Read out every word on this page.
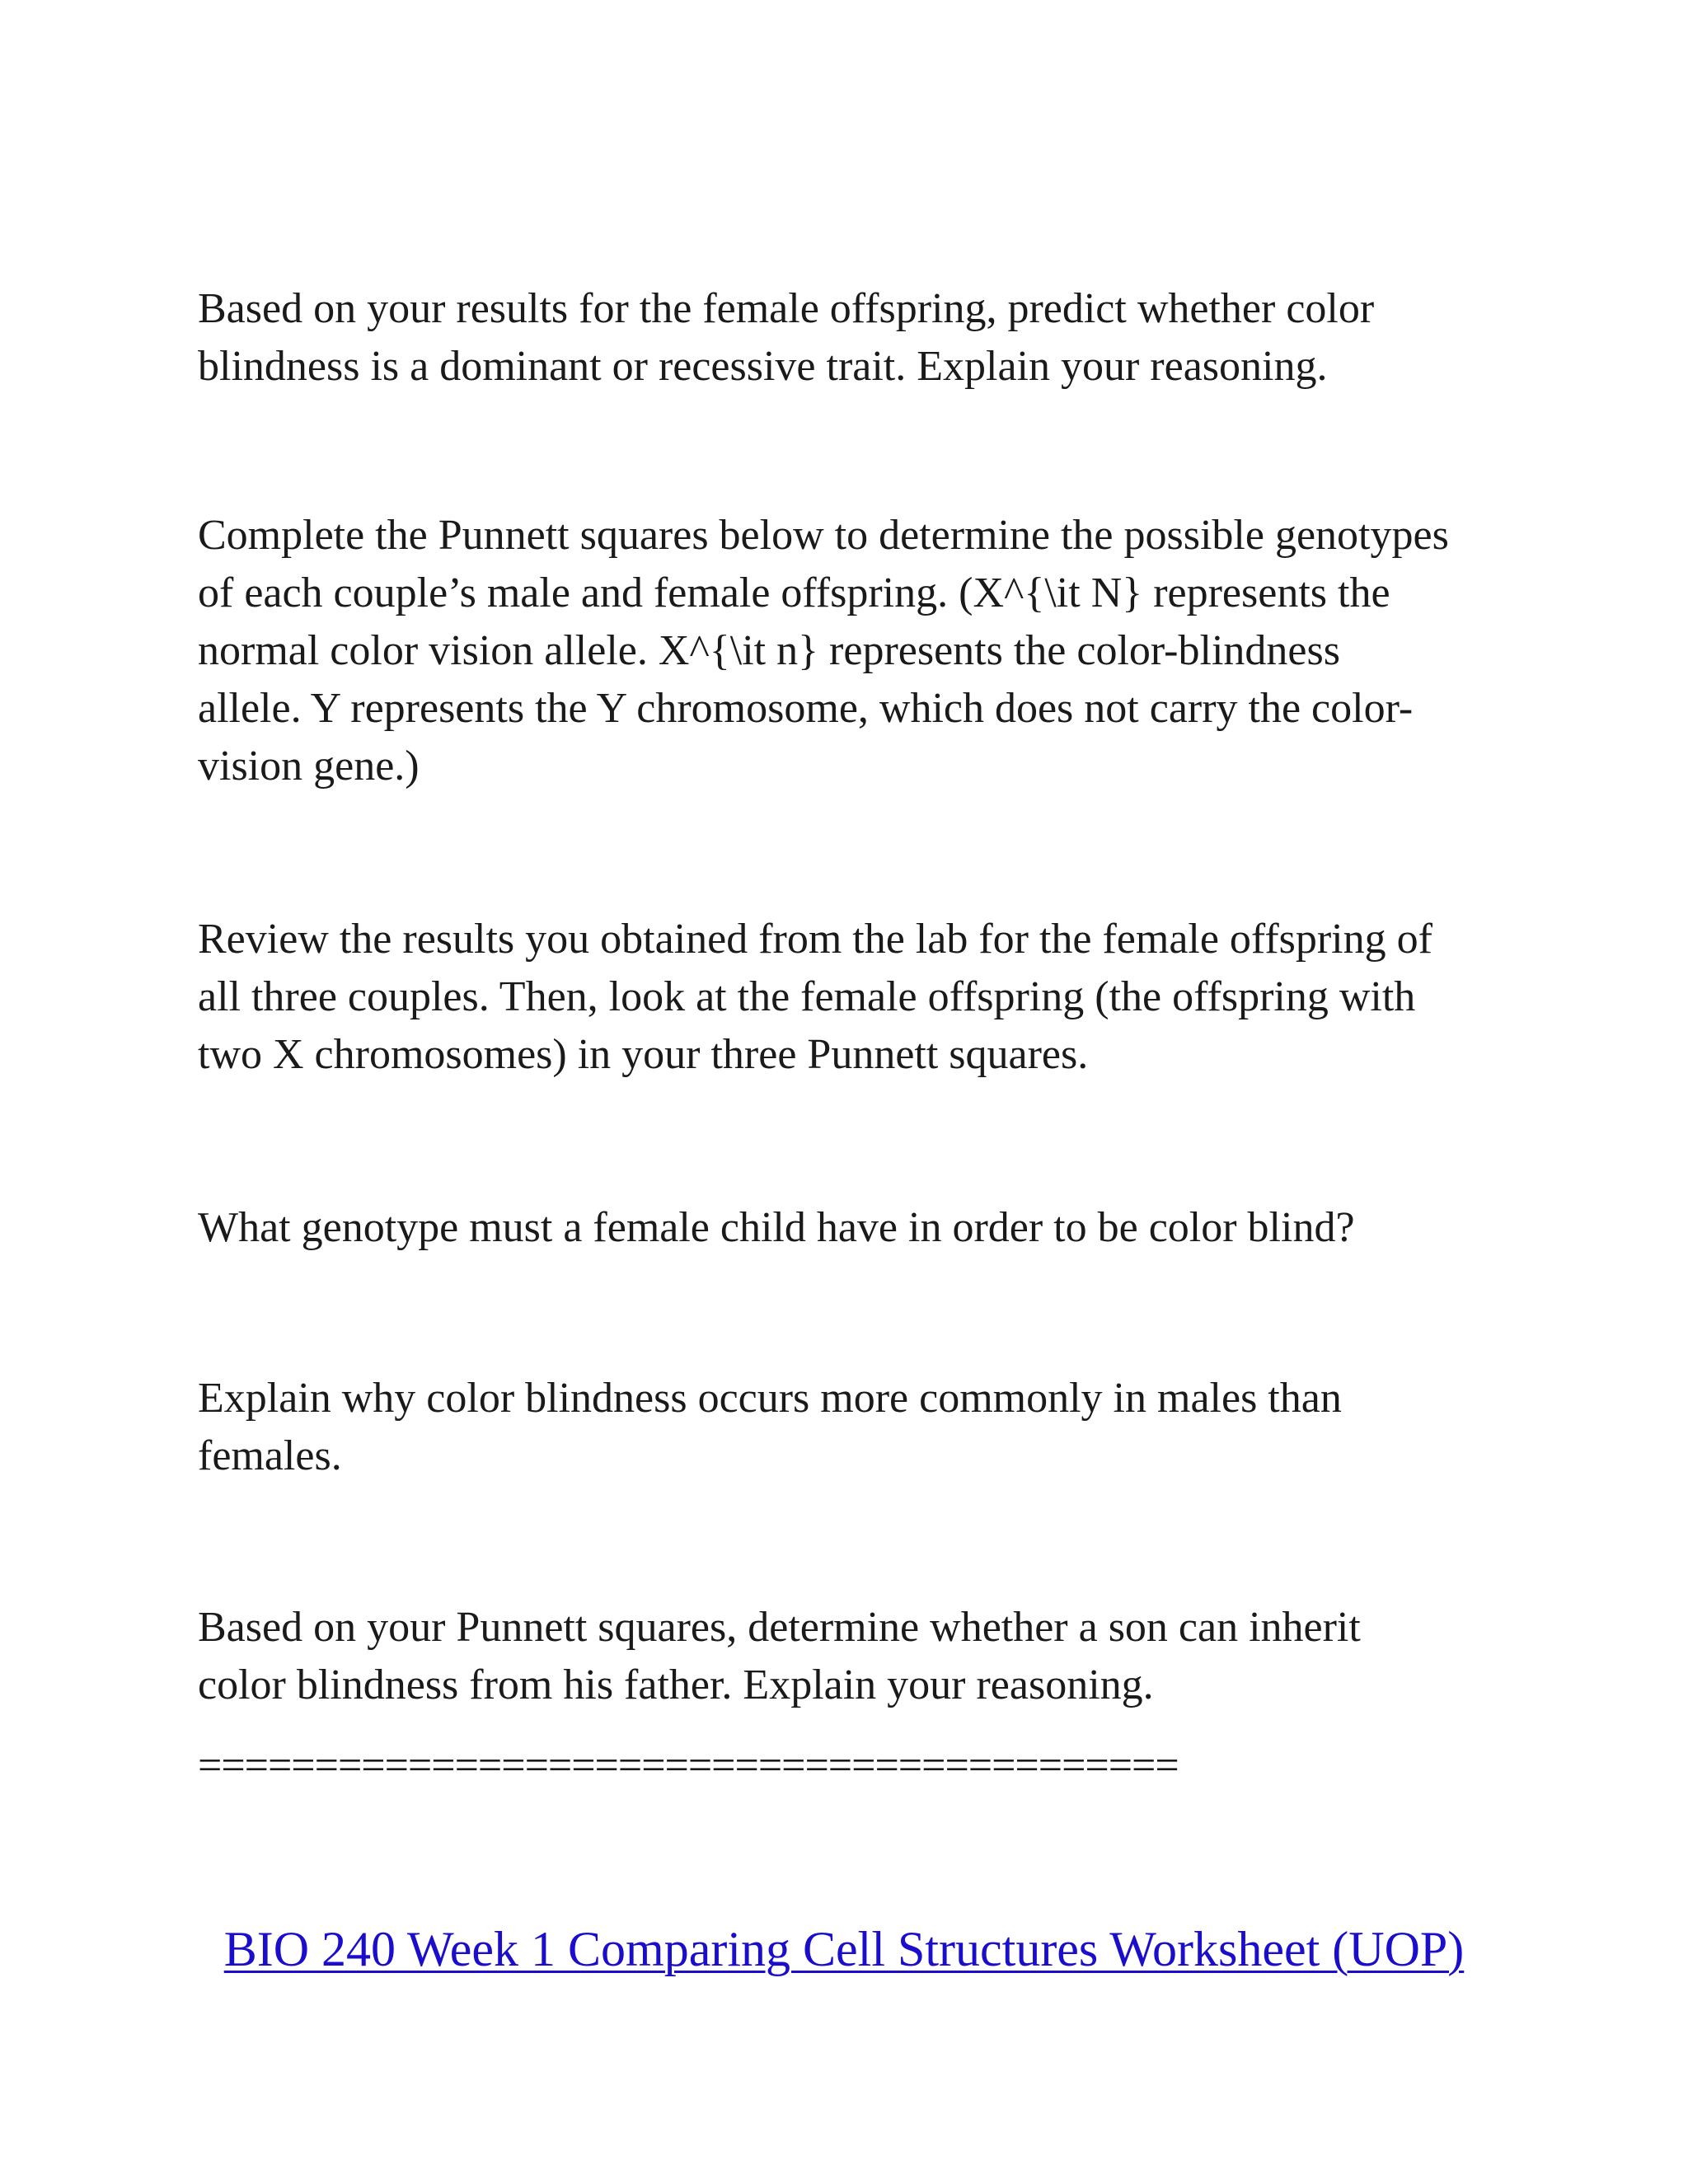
Based on your results for the female offspring, predict whether color
blindness is a dominant or recessive trait. Explain your reasoning.

Complete the Punnett squares below to determine the possible genotypes
of each couple’s male and female offspring. (X^{\it N} represents the
normal color vision allele. X^{\it n} represents the color-blindness
allele. Y represents the Y chromosome, which does not carry the color-
vision gene.)

Review the results you obtained from the lab for the female offspring of
all three couples. Then, look at the female offspring (the offspring with
two X chromosomes) in your three Punnett squares.

What genotype must a female child have in order to be color blind?

Explain why color blindness occurs more commonly in males than
females.

Based on your Punnett squares, determine whether a son can inherit
color blindness from his father. Explain your reasoning.

==========================================
BIO 240 Week 1 Comparing Cell Structures Worksheet (UOP)
